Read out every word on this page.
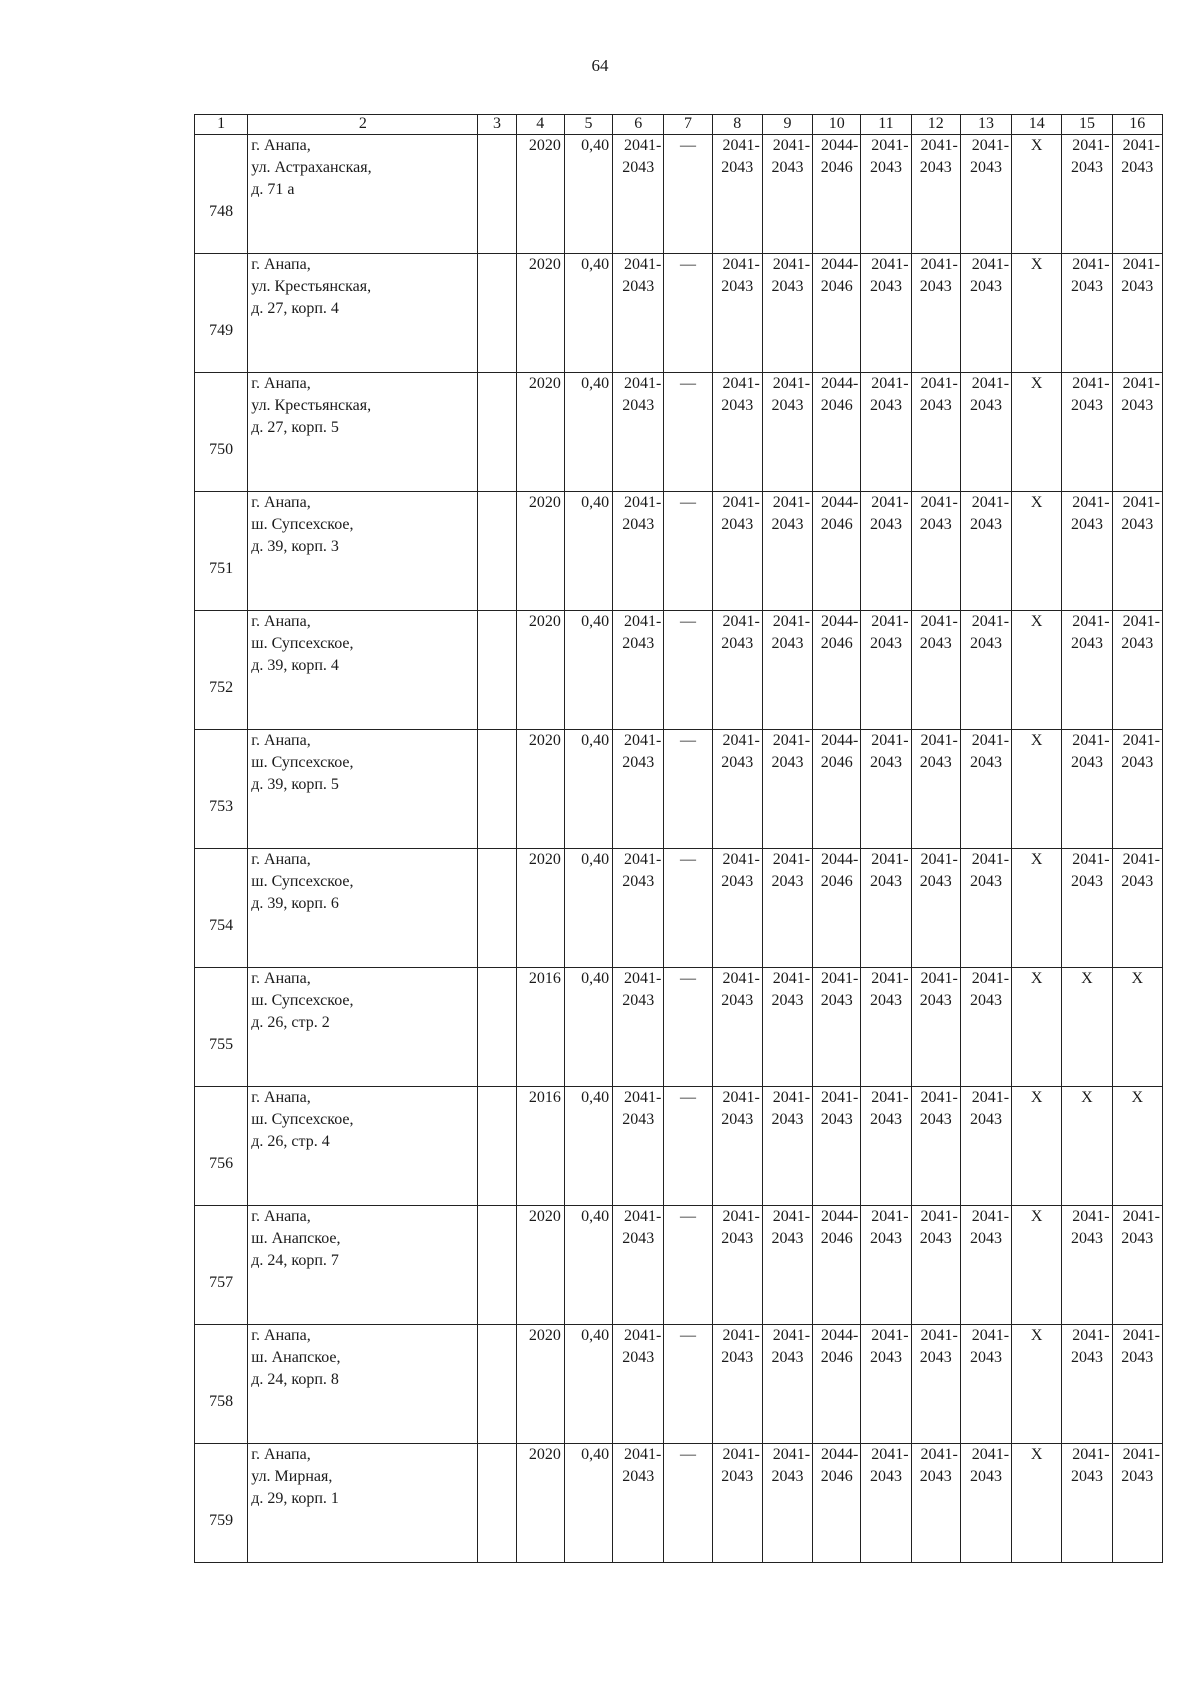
64
1	2	3	4	5	6	7	8	9	10	11	12	13	14	15	16

748	г. Анапа,
ул. Астраханская,
д. 71 а		2020	0,40	2041-
2043	—	2041-
2043	2041-
2043	2044-
2046	2041-
2043	2041-
2043	2041-
2043	Х	2041-
2043	2041-
2043

749	г. Анапа,
ул. Крестьянская,
д. 27, корп. 4		2020	0,40	2041-
2043	—	2041-
2043	2041-
2043	2044-
2046	2041-
2043	2041-
2043	2041-
2043	Х	2041-
2043	2041-
2043

750	г. Анапа,
ул. Крестьянская,
д. 27, корп. 5		2020	0,40	2041-
2043	—	2041-
2043	2041-
2043	2044-
2046	2041-
2043	2041-
2043	2041-
2043	Х	2041-
2043	2041-
2043

751	г. Анапа,
ш. Супсехское,
д. 39, корп. 3		2020	0,40	2041-
2043	—	2041-
2043	2041-
2043	2044-
2046	2041-
2043	2041-
2043	2041-
2043	Х	2041-
2043	2041-
2043

752	г. Анапа,
ш. Супсехское,
д. 39, корп. 4		2020	0,40	2041-
2043	—	2041-
2043	2041-
2043	2044-
2046	2041-
2043	2041-
2043	2041-
2043	Х	2041-
2043	2041-
2043

753	г. Анапа,
ш. Супсехское,
д. 39, корп. 5		2020	0,40	2041-
2043	—	2041-
2043	2041-
2043	2044-
2046	2041-
2043	2041-
2043	2041-
2043	Х	2041-
2043	2041-
2043

754	г. Анапа,
ш. Супсехское,
д. 39, корп. 6		2020	0,40	2041-
2043	—	2041-
2043	2041-
2043	2044-
2046	2041-
2043	2041-
2043	2041-
2043	Х	2041-
2043	2041-
2043

755	г. Анапа,
ш. Супсехское,
д. 26, стр. 2		2016	0,40	2041-
2043	—	2041-
2043	2041-
2043	2041-
2043	2041-
2043	2041-
2043	2041-
2043	Х	Х	Х

756	г. Анапа,
ш. Супсехское,
д. 26, стр. 4		2016	0,40	2041-
2043	—	2041-
2043	2041-
2043	2041-
2043	2041-
2043	2041-
2043	2041-
2043	Х	Х	Х

757	г. Анапа,
ш. Анапское,
д. 24, корп. 7		2020	0,40	2041-
2043	—	2041-
2043	2041-
2043	2044-
2046	2041-
2043	2041-
2043	2041-
2043	Х	2041-
2043	2041-
2043

758	г. Анапа,
ш. Анапское,
д. 24, корп. 8		2020	0,40	2041-
2043	—	2041-
2043	2041-
2043	2044-
2046	2041-
2043	2041-
2043	2041-
2043	Х	2041-
2043	2041-
2043

759	г. Анапа,
ул. Мирная,
д. 29, корп. 1		2020	0,40	2041-
2043	—	2041-
2043	2041-
2043	2044-
2046	2041-
2043	2041-
2043	2041-
2043	Х	2041-
2043	2041-
2043
